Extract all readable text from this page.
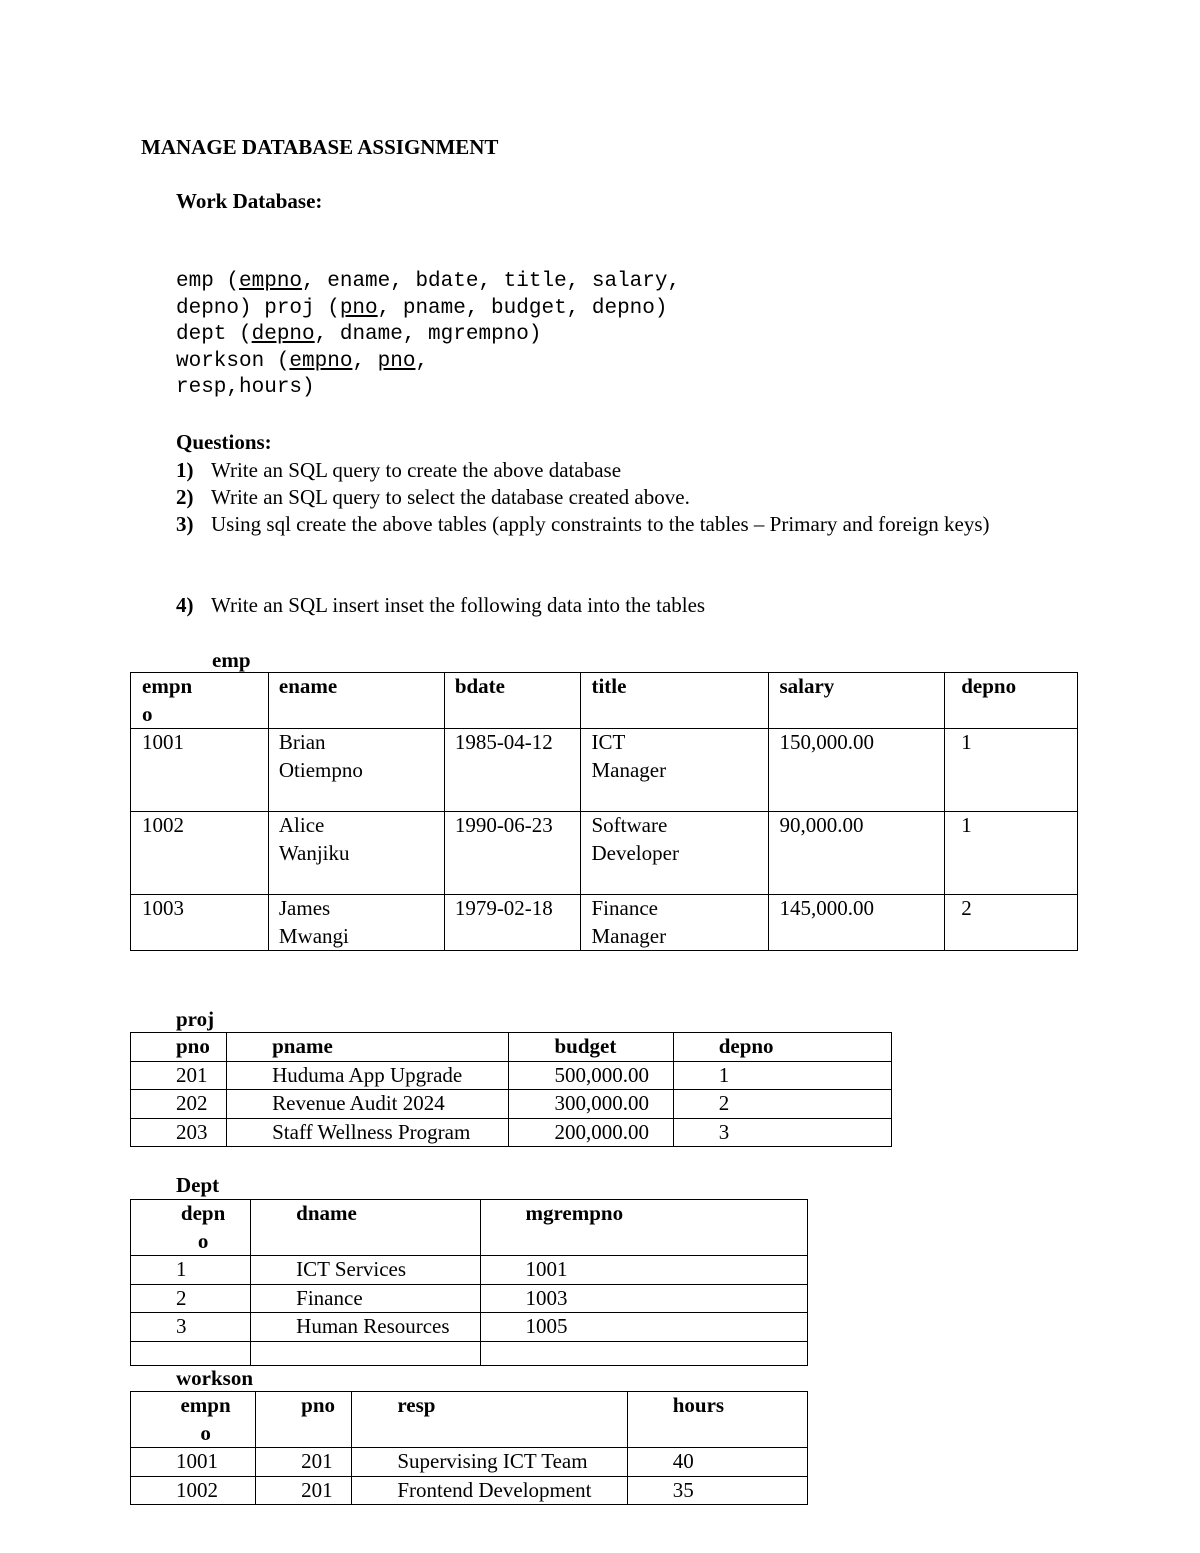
MANAGE DATABASE ASSIGNMENT
Work Database:
emp (empno, ename, bdate, title, salary,
depno) proj (pno, pname, budget, depno)
dept (depno, dname, mgrempno)
workson (empno, pno,
resp,hours)
Questions:
1) Write an SQL query to create the above database
2) Write an SQL query to select the database created above.
3) Using sql create the above tables (apply constraints to the tables – Primary and foreign keys)
4) Write an SQL insert inset the following data into the tables
emp
empno	ename	bdate	title	salary	depno
1001	Brian Otiempno	1985-04-12	ICT Manager	150,000.00	1
1002	Alice Wanjiku	1990-06-23	Software Developer	90,000.00	1
1003	James Mwangi	1979-02-18	Finance Manager	145,000.00	2
proj
pno	pname	budget	depno
201	Huduma App Upgrade	500,000.00	1
202	Revenue Audit 2024	300,000.00	2
203	Staff Wellness Program	200,000.00	3
Dept
depno	dname	mgrempno
1	ICT Services	1001
2	Finance	1003
3	Human Resources	1005

workson
empno	pno	resp	hours
1001	201	Supervising ICT Team	40
1002	201	Frontend Development	35
